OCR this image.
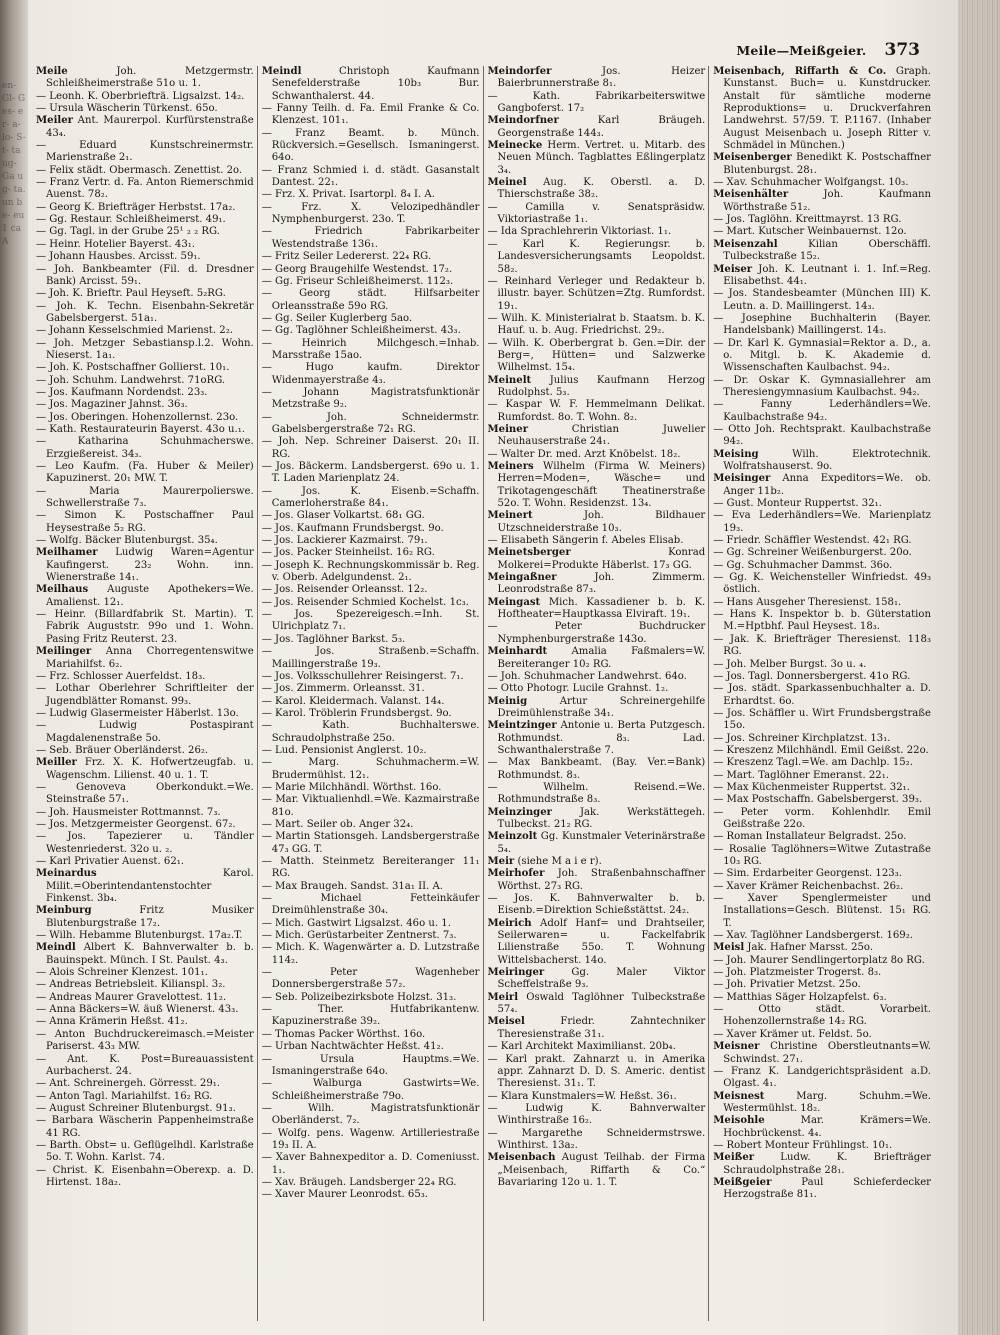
en- Gl- Ges- er- a- lo- S- t- ta ug- Ga ug- ta. un be- eu 1 ca A
Meile—Meißgeier. 373
Meile Joh. Metzgermstr. Schleißheimerstraße 51o u. 1.
— Leonh. K. Oberbriefträ. Ligsalzst. 14₂.
— Ursula Wäscherin Türkenst. 65o.
Meiler Ant. Maurerpol. Kurfürstenstraße 43₄.
— Eduard Kunstschreinermstr. Marienstraße 2₁.
— Felix städt. Obermasch. Zenettist. 2o.
— Franz Vertr. d. Fa. Anton Riemerschmid Auenst. 78₂.
— Georg K. Briefträger Herbstst. 17a₂.
— Gg. Restaur. Schleißheimerst. 49₁.
— Gg. Tagl. in der Grube 25¹ ₂ ₂ RG.
— Heinr. Hotelier Bayerst. 43₁.
— Johann Hausbes. Arcisst. 59₁.
— Joh. Bankbeamter (Fil. d. Dresdner Bank) Arcisst. 59₁.
— Joh. K. Brieftr. Paul Heyseft. 5₂RG.
— Joh. K. Techn. Eisenbahn-Sekretär Gabelsbergerst. 51a₁.
— Johann Kesselschmied Marienst. 2₂.
— Joh. Metzger Sebastiansp.l.2. Wohn. Nieserst. 1a₁.
— Joh. K. Postschaffner Gollierst. 10₁.
— Joh. Schuhm. Landwehrst. 71oRG.
— Jos. Kaufmann Nordendst. 23₃.
— Jos. Magaziner Jahnst. 36₃.
— Jos. Oberingen. Hohenzollernst. 23o.
— Kath. Restaurateurin Bayerst. 43o u.₁.
— Katharina Schuhmacherswe. Erzgießereist. 34₃.
— Leo Kaufm. (Fa. Huber & Meiler) Kapuzinerst. 20₁ MW. T.
— Maria Maurerpolierswe. Schwellerstraße 7₃.
— Simon K. Postschaffner Paul Heysestraße 5₂ RG.
— Wolfg. Bäcker Blutenburgst. 35₄.
Meilhamer Ludwig Waren=Agentur Kaufingerst. 23₂ Wohn. inn. Wienerstraße 14₁.
Meilhaus Auguste Apothekers=We. Amalienst. 12₁.
— Heinr. (Billardfabrik St. Martin). T. Fabrik Auguststr. 99o und 1. Wohn. Pasing Fritz Reuterst. 23.
Meilinger Anna Chorregentenswitwe Mariahilfst. 6₂.
— Frz. Schlosser Auerfeldst. 18₃.
— Lothar Oberlehrer Schriftleiter der Jugendblätter Romanst. 99₃.
— Ludwig Glasermeister Häberlst. 13o.
— Ludwig Postaspirant Magdalenenstraße 5o.
— Seb. Bräuer Oberländerst. 26₂.
Meiller Frz. X. K. Hofwertzeugfab. u. Wagenschm. Lilienst. 40 u. 1. T.
— Genoveva Oberkondukt.=We. Steinstraße 57₁.
— Joh. Hausmeister Rottmannst. 7₃.
— Jos. Metzgermeister Georgenst. 67₂.
— Jos. Tapezierer u. Tändler Westenriederst. 32o u. ₂.
— Karl Privatier Auenst. 62₁.
Meinardus Karol. Milit.=Oberintendantenstochter Finkenst. 3b₄.
Meinburg Fritz Musiker Blutenburgstraße 17₂.
— Wilh. Hebamme Blutenburgst. 17a₂.T.
Meindl Albert K. Bahnverwalter b. b. Bauinspekt. Münch. I St. Paulst. 4₃.
— Alois Schreiner Klenzest. 101₁.
— Andreas Betriebsleit. Kilianspl. 3₂.
— Andreas Maurer Gravelottest. 11₂.
— Anna Bäckers=W. äuß Wienerst. 43₃.
— Anna Krämerin Heßst. 41₂.
— Anton Buchdruckereimasch.=Meister Pariserst. 43₃ MW.
— Ant. K. Post=Bureauassistent Aurbacherst. 24.
— Ant. Schreinergeh. Görresst. 29₁.
— Anton Tagl. Mariahilfst. 16₂ RG.
— August Schreiner Blutenburgst. 91₃.
— Barbara Wäscherin Pappenheimstraße 41 RG.
— Barth. Obst= u. Geflügelhdl. Karlstraße 5o. T. Wohn. Karlst. 74.
— Christ. K. Eisenbahn=Oberexp. a. D. Hirtenst. 18a₂.
Meindl Christoph Kaufmann Senefelderstraße 10b₃ Bur. Schwanthalerst. 44.
— Fanny Teilh. d. Fa. Emil Franke & Co. Klenzest. 101₁.
— Franz Beamt. b. Münch. Rückversich.=Gesellsch. Ismaningerst. 64o.
— Franz Schmied i. d. städt. Gasanstalt Dantest. 22₁.
— Frz. X. Privat. Isartorpl. 8₄ I. A.
— Frz. X. Velozipedhändler Nymphenburgerst. 23o. T.
— Friedrich Fabrikarbeiter Westendstraße 136₁.
— Fritz Seiler Ledererst. 22₄ RG.
— Georg Braugehilfe Westendst. 17₂.
— Gg. Friseur Schleißheimerst. 112₃.
— Georg städt. Hilfsarbeiter Orleansstraße 59o RG.
— Gg. Seiler Kuglerberg 5ao.
— Gg. Taglöhner Schleißheimerst. 43₃.
— Heinrich Milchgesch.=Inhab. Marsstraße 15ao.
— Hugo kaufm. Direktor Widenmayerstraße 4₃.
— Johann Magistratsfunktionär Metzstraße 9₂.
— Joh. Schneidermstr. Gabelsbergerstraße 72₁ RG.
— Joh. Nep. Schreiner Daiserst. 20₁ II. RG.
— Jos. Bäckerm. Landsbergerst. 69o u. 1. T. Laden Marienplatz 24.
— Jos. K. Eisenb.=Schaffn. Camerloherstraße 84₁.
— Jos. Glaser Volkartst. 68₁ GG.
— Jos. Kaufmann Frundsbergst. 9o.
— Jos. Lackierer Kazmairst. 79₁.
— Jos. Packer Steinheilst. 16₂ RG.
— Joseph K. Rechnungskommissär b. Reg. v. Oberb. Adelgundenst. 2₁.
— Jos. Reisender Orleansst. 12₂.
— Jos. Reisender Schmied Kochelst. 1c₃.
— Jos. Spezereigesch.=Inh. St. Ulrichplatz 7₁.
— Jos. Taglöhner Barkst. 5₃.
— Jos. Straßenb.=Schaffn. Maillingerstraße 19₃.
— Jos. Volksschullehrer Reisingerst. 7₁.
— Jos. Zimmerm. Orleansst. 31.
— Karol. Kleidermach. Valanst. 14₄.
— Karol. Tröblerin Frundsbergst. 9o.
— Kath. Buchhalterswe. Schraudolphstraße 25o.
— Lud. Pensionist Anglerst. 10₂.
— Marg. Schuhmacherm.=W. Brudermühlst. 12₁.
— Marie Milchhändl. Wörthst. 16o.
— Mar. Viktualienhdl.=We. Kazmairstraße 81o.
— Mart. Seiler ob. Anger 32₄.
— Martin Stationsgeh. Landsbergerstraße 47₃ GG. T.
— Matth. Steinmetz Bereiteranger 11₁ RG.
— Max Braugeh. Sandst. 31a₁ II. A.
— Michael Fetteinkäufer Dreimühlenstraße 30₄.
— Mich. Gastwirt Ligsalzst. 46o u. 1.
— Mich. Gerüstarbeiter Zentnerst. 7₃.
— Mich. K. Wagenwärter a. D. Lutzstraße 114₂.
— Peter Wagenheber Donnersbergerstraße 57₂.
— Seb. Polizeibezirksbote Holzst. 31₃.
— Ther. Hutfabrikantenw. Kapuzinerstraße 39₂.
— Thomas Packer Wörthst. 16o.
— Urban Nachtwächter Heßst. 41₂.
— Ursula Hauptms.=We. Ismaningerstraße 64o.
— Walburga Gastwirts=We. Schleißheimerstraße 79o.
— Wilh. Magistratsfunktionär Oberländerst. 7₂.
— Wolfg. pens. Wagenw. Artilleriestraße 19₃ II. A.
— Xaver Bahnexpeditor a. D. Comeniusst. 1₁.
— Xav. Bräugeh. Landsberger 22₄ RG.
— Xaver Maurer Leonrodst. 65₃.
Meindorfer Jos. Heizer Baierbrunnerstraße 8₁.
— Kath. Fabrikarbeiterswitwe Gangboferst. 17₂
Meindorfner Karl Bräugeh. Georgenstraße 144₃.
Meinecke Herm. Vertret. u. Mitarb. des Neuen Münch. Tagblattes Eßlingerplatz 3₄.
Meinel Aug. K. Oberstl. a. D. Thierschstraße 38₂.
— Camilla v. Senatspräsidw. Viktoriastraße 1₁.
— Ida Sprachlehrerin Viktoriast. 1₁.
— Karl K. Regierungsr. b. Landesversicherungsamts Leopoldst. 58₂.
— Reinhard Verleger und Redakteur b. illustr. bayer. Schützen=Ztg. Rumfordst. 19₁.
— Wilh. K. Ministerialrat b. Staatsm. b. K. Hauf. u. b. Aug. Friedrichst. 29₂.
— Wilh. K. Oberbergrat b. Gen.=Dir. der Berg=, Hütten= und Salzwerke Wilhelmst. 15₄.
Meinelt Julius Kaufmann Herzog Rudolphst. 5₃.
— Kaspar W. F. Hemmelmann Delikat. Rumfordst. 8o. T. Wohn. 8₂.
Meiner Christian Juwelier Neuhauserstraße 24₁.
— Walter Dr. med. Arzt Knöbelst. 18₂.
Meiners Wilhelm (Firma W. Meiners) Herren=Moden=, Wäsche= und Trikotagengeschäft Theatinerstraße 52o. T. Wohn. Residenzst. 13₄.
Meinert Joh. Bildhauer Utzschneiderstraße 10₃.
— Elisabeth Sängerin f. Abeles Elisab.
Meinetsberger Konrad Molkerei=Produkte Häberlst. 17₃ GG.
Meingaßner Joh. Zimmerm. Leonrodstraße 87₃.
Meingast Mich. Kassadiener b. b. K. Hoftheater=Hauptkassa Elviraft. 19₁.
— Peter Buchdrucker Nymphenburgerstraße 143o.
Meinhardt Amalia Faßmalers=W. Bereiteranger 10₂ RG.
— Joh. Schuhmacher Landwehrst. 64o.
— Otto Photogr. Lucile Grahnst. 1₂.
Meinig Artur Schreinergehilfe Dreimühlenstraße 34₁.
Meintzinger Antonie u. Berta Putzgesch. Rothmundst. 8₃. Lad. Schwanthalerstraße 7.
— Max Bankbeamt. (Bay. Ver.=Bank) Rothmundst. 8₃.
— Wilhelm. Reisend.=We. Rothmundstraße 8₃.
Meinzinger Jak. Werkstättegeh. Tulbeckst. 21₂ RG.
Meinzolt Gg. Kunstmaler Veterinärstraße 5₄.
Meir (siehe M a i e r).
Meirhofer Joh. Straßenbahnschaffner Wörthst. 27₃ RG.
— Jos. K. Bahnverwalter b. b. Eisenb.=Direktion Schießstättst. 24₂.
Meirich Adolf Hanf= und Drahtseiler, Seilerwaren= u. Fackelfabrik Lilienstraße 55o. T. Wohnung Wittelsbacherst. 14o.
Meiringer Gg. Maler Viktor Scheffelstraße 9₃.
Meirl Oswald Taglöhner Tulbeckstraße 57₄.
Meisel Friedr. Zahntechniker Theresienstraße 31₁.
— Karl Architekt Maximilianst. 20b₄.
— Karl prakt. Zahnarzt u. in Amerika appr. Zahnarzt D. D. S. Americ. dentist Theresienst. 31₁. T.
— Klara Kunstmalers=W. Heßst. 36₁.
— Ludwig K. Bahnverwalter Winthirstraße 16₂.
— Margarethe Schneidermstrswe. Winthirst. 13a₂.
Meisenbach August Teilhab. der Firma „Meisenbach, Riffarth & Co.“ Bavariaring 12o u. 1. T.
Meisenbach, Riffarth & Co. Graph. Kunstanst. Buch= u. Kunstdrucker. Anstalt für sämtliche moderne Reproduktions= u. Druckverfahren Landwehrst. 57/59. T. P.1167. (Inhaber August Meisenbach u. Joseph Ritter v. Schmädel in München.)
Meisenberger Benedikt K. Postschaffner Blutenburgst. 28₁.
— Xav. Schuhmacher Wolfgangst. 10₃.
Meisenhälter Joh. Kaufmann Wörthstraße 51₂.
— Jos. Taglöhn. Kreittmayrst. 13 RG.
— Mart. Kutscher Weinbauernst. 12o.
Meisenzahl Kilian Oberschäffl. Tulbeckstraße 15₂.
Meiser Joh. K. Leutnant i. 1. Inf.=Reg. Elisabethst. 44₁.
— Jos. Standesbeamter (München III) K. Leutn. a. D. Maillingerst. 14₃.
— Josephine Buchhalterin (Bayer. Handelsbank) Maillingerst. 14₃.
— Dr. Karl K. Gymnasial=Rektor a. D., a. o. Mitgl. b. K. Akademie d. Wissenschaften Kaulbachst. 94₂.
— Dr. Oskar K. Gymnasiallehrer am Theresiengymnasium Kaulbachst. 94₂.
— Fanny Lederhändlers=We. Kaulbachstraße 94₂.
— Otto Joh. Rechtsprakt. Kaulbachstraße 94₂.
Meising Wilh. Elektrotechnik. Wolfratshauserst. 9o.
Meisinger Anna Expeditors=We. ob. Anger 11b₂.
— Gust. Monteur Ruppertst. 32₁.
— Eva Lederhändlers=We. Marienplatz 19₃.
— Friedr. Schäffler Westendst. 42₁ RG.
— Gg. Schreiner Weißenburgerst. 20o.
— Gg. Schuhmacher Dammst. 36o.
— Gg. K. Weichensteller Winfriedst. 49₃ östlich.
— Hans Ausgeher Theresienst. 158₁.
— Hans K. Inspektor b. b. Güterstation M.=Hptbhf. Paul Heysest. 18₃.
— Jak. K. Briefträger Theresienst. 118₃ RG.
— Joh. Melber Burgst. 3o u. ₄.
— Jos. Tagl. Donnersbergerst. 41o RG.
— Jos. städt. Sparkassenbuchhalter a. D. Erhardtst. 6o.
— Jos. Schäffler u. Wirt Frundsbergstraße 15o.
— Jos. Schreiner Kirchplatzst. 13₁.
— Kreszenz Milchhändl. Emil Geißst. 22o.
— Kreszenz Tagl.=We. am Dachlp. 15₂.
— Mart. Taglöhner Emeranst. 22₁.
— Max Küchenmeister Ruppertst. 32₁.
— Max Postschaffn. Gabelsbergerst. 39₃.
— Peter vorm. Kohlenhdlr. Emil Geißstraße 22o.
— Roman Installateur Belgradst. 25o.
— Rosalie Taglöhners=Witwe Zutastraße 10₃ RG.
— Sim. Erdarbeiter Georgenst. 123₃.
— Xaver Krämer Reichenbachst. 26₂.
— Xaver Spenglermeister und Installations=Gesch. Blütenst. 15₁ RG. T.
— Xav. Taglöhner Landsbergerst. 169₂.
Meisl Jak. Hafner Marsst. 25o.
— Joh. Maurer Sendlingertorplatz 8o RG.
— Joh. Platzmeister Trogerst. 8₃.
— Joh. Privatier Metzst. 25o.
— Matthias Säger Holzapfelst. 6₃.
— Otto städt. Vorarbeit. Hohenzollernstraße 14₂ RG.
— Xaver Krämer ut. Feldst. 5o.
Meisner Christine Oberstleutnants=W. Schwindst. 27₁.
— Franz K. Landgerichtspräsident a.D. Olgast. 4₁.
Meisnest Marg. Schuhm.=We. Westermühlst. 18₂.
Meisohle Mar. Krämers=We. Hochbrückenst. 4₄.
— Robert Monteur Frühlingst. 10₁.
Meißer Ludw. K. Briefträger Schraudolphstraße 28₁.
Meißgeier Paul Schieferdecker Herzogstraße 81₁.
